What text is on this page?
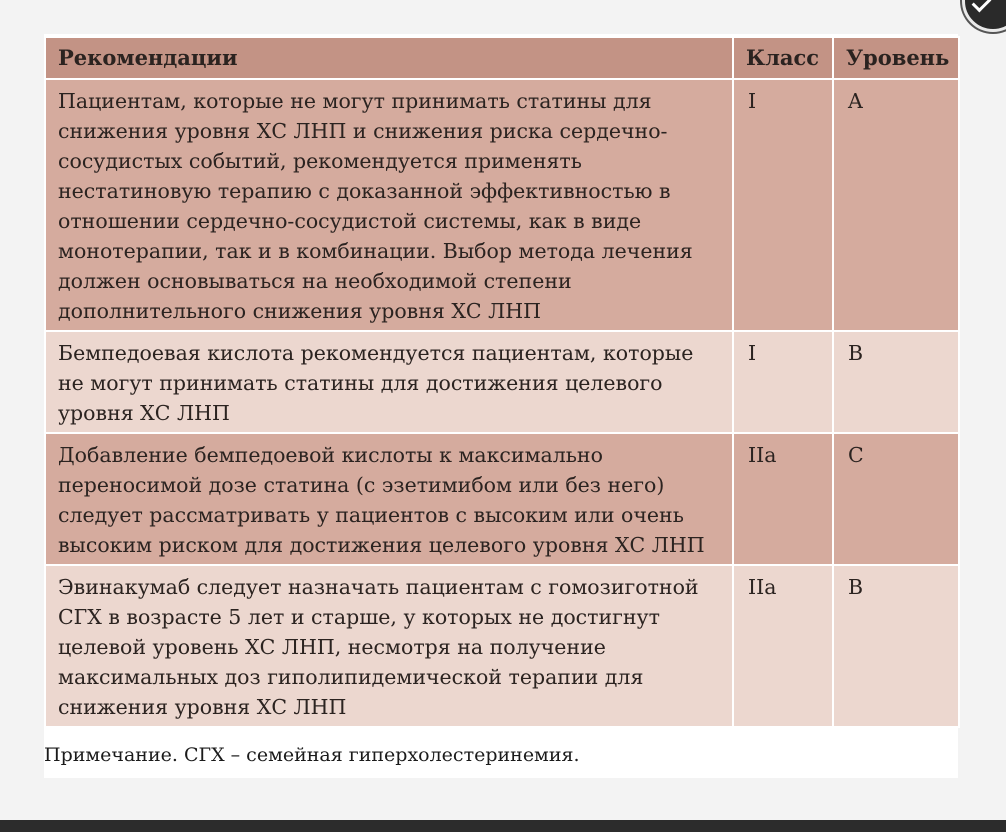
Рекомендации	Класс	Уровень
Пациентам, которые не могут принимать статины для снижения уровня ХС ЛНП и снижения риска сердечно-сосудистых событий, рекомендуется применять нестатиновую терапию с доказанной эффективностью в отношении сердечно-сосудистой системы, как в виде монотерапии, так и в комбинации. Выбор метода лечения должен основываться на необходимой степени дополнительного снижения уровня ХС ЛНП	I	A
Бемпедоевая кислота рекомендуется пациентам, которые не могут принимать статины для достижения целевого уровня ХС ЛНП	I	B
Добавление бемпедоевой кислоты к максимально переносимой дозе статина (с эзетимибом или без него) следует рассматривать у пациентов с высоким или очень высоким риском для достижения целевого уровня ХС ЛНП	IIa	C
Эвинакумаб следует назначать пациентам с гомозиготной СГХ в возрасте 5 лет и старше, у которых не достигнут целевой уровень ХС ЛНП, несмотря на получение максимальных доз гиполипидемической терапии для снижения уровня ХС ЛНП	IIa	B
Примечание. СГХ – семейная гиперхолестеринемия.
